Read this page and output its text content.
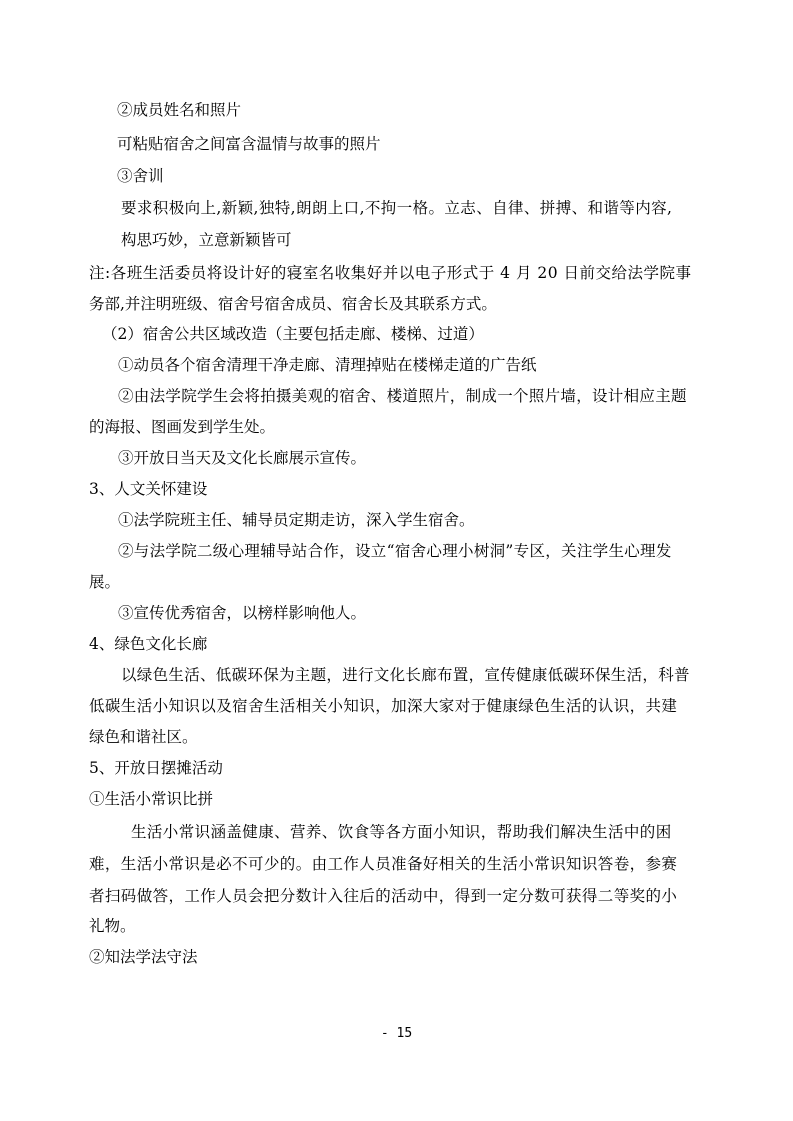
②成员姓名和照片
可粘贴宿舍之间富含温情与故事的照片
③舍训
要求积极向上,新颖,独特,朗朗上口,不拘一格。立志、自律、拼搏、和谐等内容,
构思巧妙，立意新颖皆可
注:各班生活委员将设计好的寝室名收集好并以电子形式于 4 月 20 日前交给法学院事
务部,并注明班级、宿舍号宿舍成员、宿舍长及其联系方式。
（2）宿舍公共区域改造（主要包括走廊、楼梯、过道）
①动员各个宿舍清理干净走廊、清理掉贴在楼梯走道的广告纸
②由法学院学生会将拍摄美观的宿舍、楼道照片，制成一个照片墙，设计相应主题
的海报、图画发到学生处。
③开放日当天及文化长廊展示宣传。
3、人文关怀建设
①法学院班主任、辅导员定期走访，深入学生宿舍。
②与法学院二级心理辅导站合作，设立“宿舍心理小树洞”专区，关注学生心理发
展。
③宣传优秀宿舍，以榜样影响他人。
4、绿色文化长廊
以绿色生活、低碳环保为主题，进行文化长廊布置，宣传健康低碳环保生活，科普
低碳生活小知识以及宿舍生活相关小知识，加深大家对于健康绿色生活的认识，共建
绿色和谐社区。
5、开放日摆摊活动
①生活小常识比拼
生活小常识涵盖健康、营养、饮食等各方面小知识，帮助我们解决生活中的困
难，生活小常识是必不可少的。由工作人员准备好相关的生活小常识知识答卷，参赛
者扫码做答，工作人员会把分数计入往后的活动中，得到一定分数可获得二等奖的小
礼物。
②知法学法守法
- 15
